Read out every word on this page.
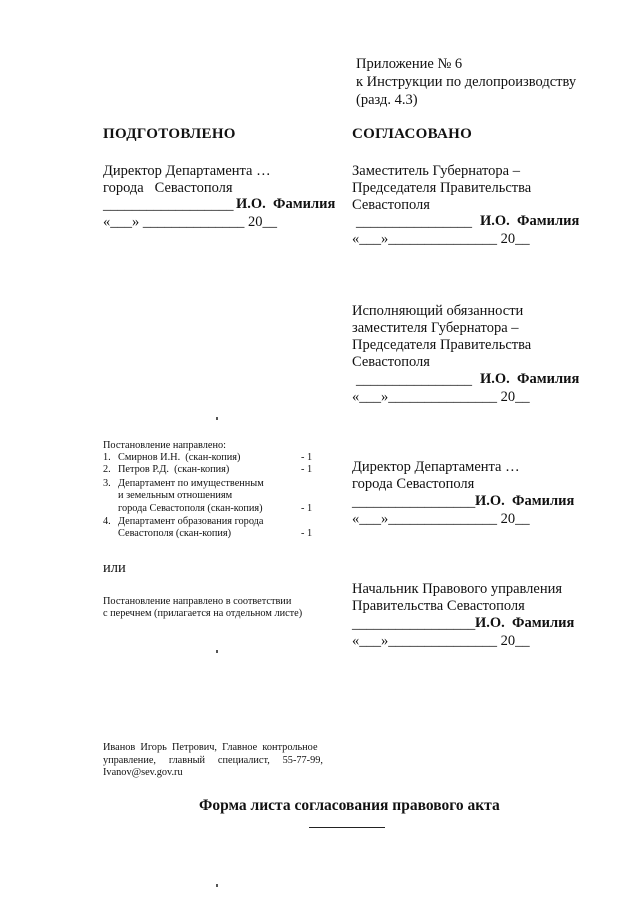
Приложение № 6
к Инструкции по делопроизводству
(разд. 4.3)
ПОДГОТОВЛЕНО	СОГЛАСОВАНО
Директор Департамента …
города   Севастополя
__________________ И.О.  Фамилия
«___» ______________ 20__
Заместитель Губернатора –
Председателя Правительства
Севастополя
________________ И.О.  Фамилия
«___»_______________ 20__
Исполняющий обязанности
заместителя Губернатора –
Председателя Правительства
Севастополя
________________ И.О.  Фамилия
«___»_______________ 20__
Директор Департамента …
города Севастополя
_________________ И.О.  Фамилия
«___»_______________ 20__
Начальник Правового управления
Правительства Севастополя
_________________ И.О.  Фамилия
«___»_______________ 20__
Постановление направлено:
1. Смирнов И.Н.  (скан-копия)	- 1
2. Петров Р.Д.  (скан-копия)	- 1
3. Департамент по имущественным
и земельным отношениям
города Севастополя (скан-копия)	- 1
4. Департамент образования города
Севастополя (скан-копия)	- 1
или
Постановление направлено в соответствии
с перечнем (прилагается на отдельном листе)
Иванов  Игорь  Петрович,  Главное  контрольное
управление,     главный     специалист,     55-77-99,
Ivanov@sev.gov.ru
Форма листа согласования правового акта
